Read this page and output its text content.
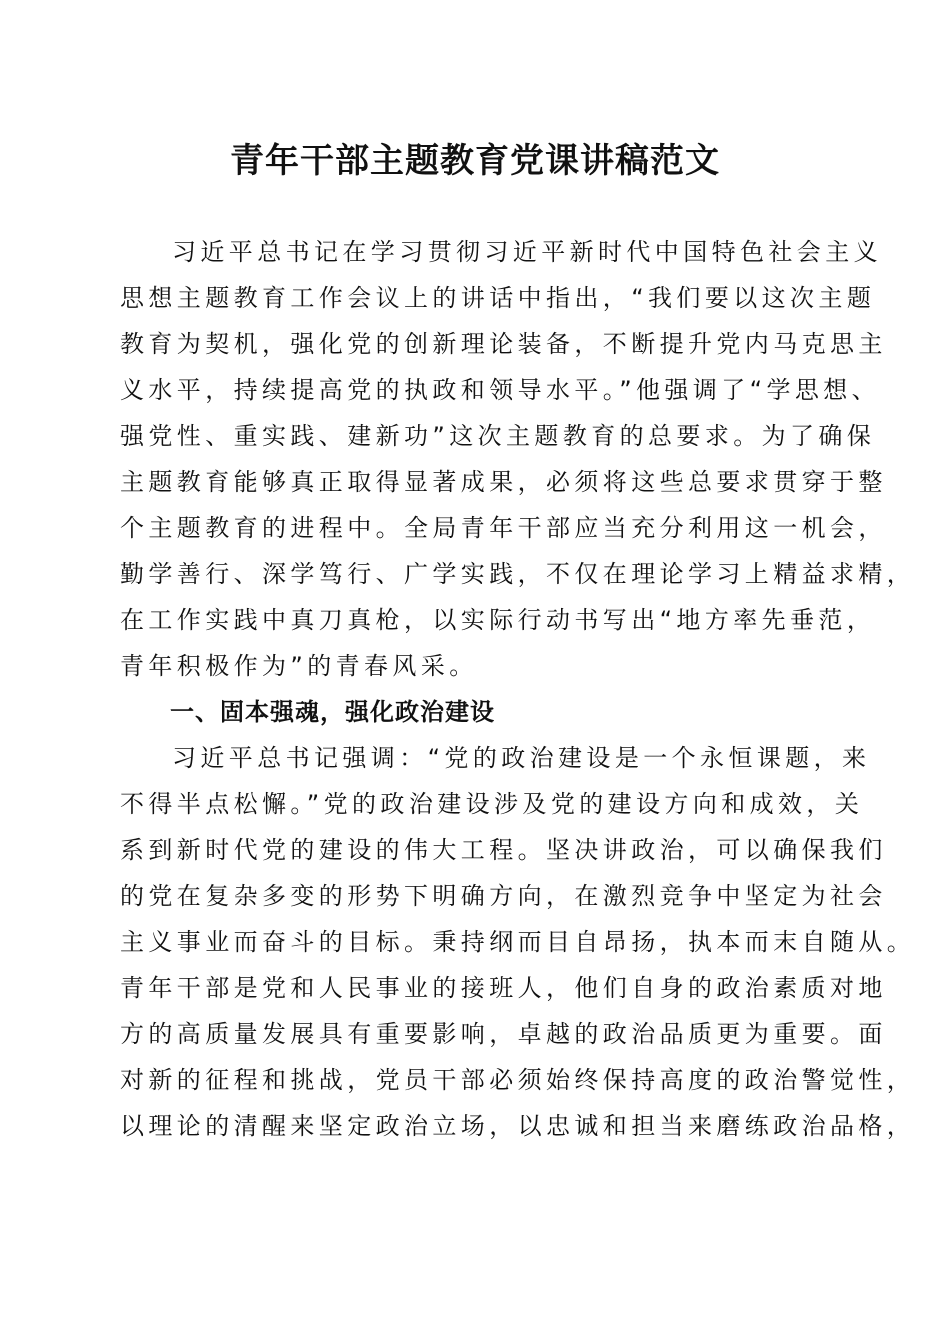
青年干部主题教育党课讲稿范文
习近平总书记在学习贯彻习近平新时代中国特色社会主义
思想主题教育工作会议上的讲话中指出，“我们要以这次主题
教育为契机，强化党的创新理论装备，不断提升党内马克思主
义水平，持续提高党的执政和领导水平。”他强调了“学思想、
强党性、重实践、建新功”这次主题教育的总要求。为了确保
主题教育能够真正取得显著成果，必须将这些总要求贯穿于整
个主题教育的进程中。全局青年干部应当充分利用这一机会，
勤学善行、深学笃行、广学实践，不仅在理论学习上精益求精，
在工作实践中真刀真枪，以实际行动书写出“地方率先垂范，
青年积极作为”的青春风采。
一、固本强魂，强化政治建设
习近平总书记强调：“党的政治建设是一个永恒课题，来
不得半点松懈。”党的政治建设涉及党的建设方向和成效，关
系到新时代党的建设的伟大工程。坚决讲政治，可以确保我们
的党在复杂多变的形势下明确方向，在激烈竞争中坚定为社会
主义事业而奋斗的目标。秉持纲而目自昂扬，执本而末自随从。
青年干部是党和人民事业的接班人，他们自身的政治素质对地
方的高质量发展具有重要影响，卓越的政治品质更为重要。面
对新的征程和挑战，党员干部必须始终保持高度的政治警觉性，
以理论的清醒来坚定政治立场，以忠诚和担当来磨练政治品格，
